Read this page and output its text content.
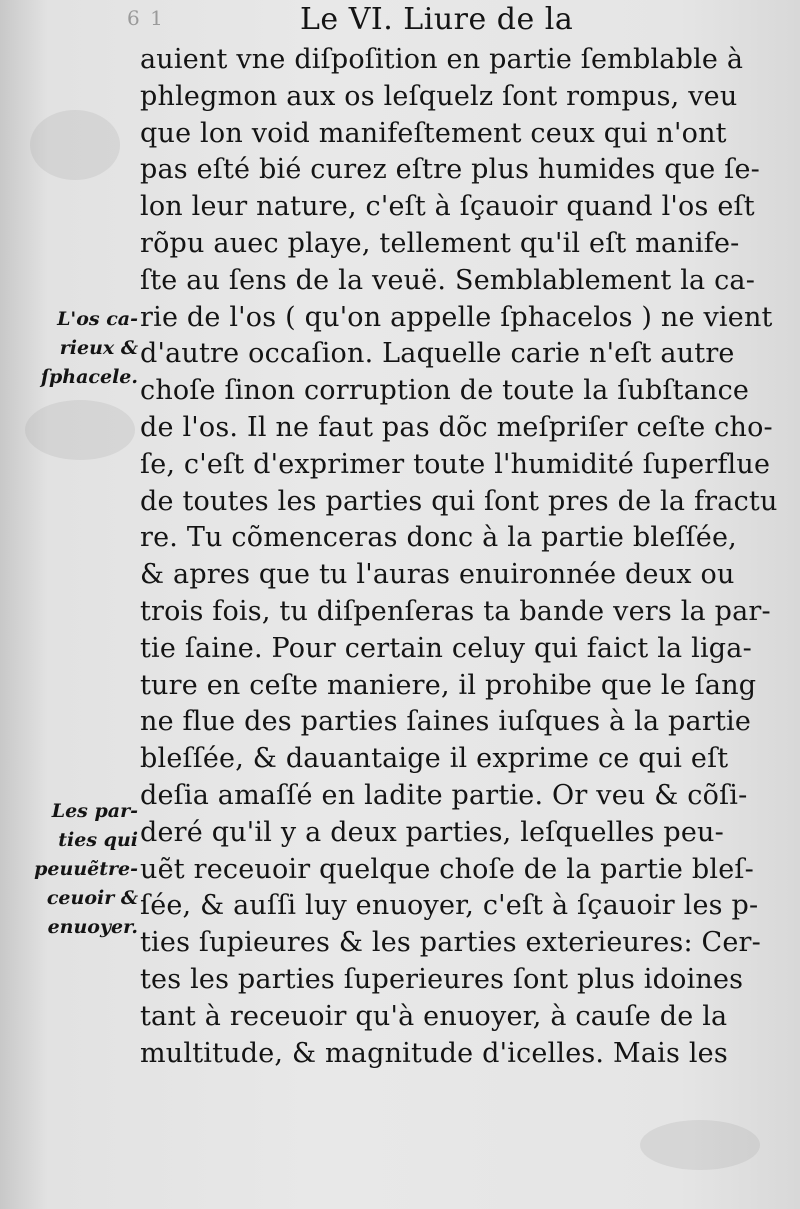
6 1	Le VI. Liure de la
auient vne diſpoſition en partie ſemblable à
phlegmon aux os leſquelz ſont rompus, veu
que lon void manifeſtement ceux qui n'ont
pas eſté bié curez eſtre plus humides que ſe-
lon leur nature, c'eſt à ſçauoir quand l'os eſt
rõpu auec playe, tellement qu'il eſt manife-
ſte au ſens de la veuë. Semblablement la ca-
rie de l'os ( qu'on appelle ſphacelos ) ne vient
d'autre occaſion. Laquelle carie n'eſt autre
choſe ſinon corruption de toute la ſubſtance
de l'os. Il ne faut pas dõc meſpriſer ceſte cho-
ſe, c'eſt d'exprimer toute l'humidité ſuperflue
de toutes les parties qui ſont pres de la fractu
re. Tu cõmenceras donc à la partie bleſſée,
& apres que tu l'auras enuironnée deux ou
trois fois, tu diſpenſeras ta bande vers la par-
tie ſaine. Pour certain celuy qui faict la liga-
ture en ceſte maniere, il prohibe que le ſang
ne flue des parties ſaines iuſques à la partie
bleſſée, & dauantaige il exprime ce qui eſt
deſia amaſſé en ladite partie. Or veu & cõſi-
deré qu'il y a deux parties, leſquelles peu-
uẽt receuoir quelque choſe de la partie bleſ-
ſée, & auſſi luy enuoyer, c'eſt à ſçauoir les p-
ties ſupieures & les parties exterieures: Cer-
tes les parties ſuperieures ſont plus idoines
tant à receuoir qu'à enuoyer, à cauſe de la
multitude, & magnitude d'icelles. Mais les
L'os ca-
rieux &
ſphacele.
Les par-
ties qui
peuuẽtre-
ceuoir &
enuoyer.
